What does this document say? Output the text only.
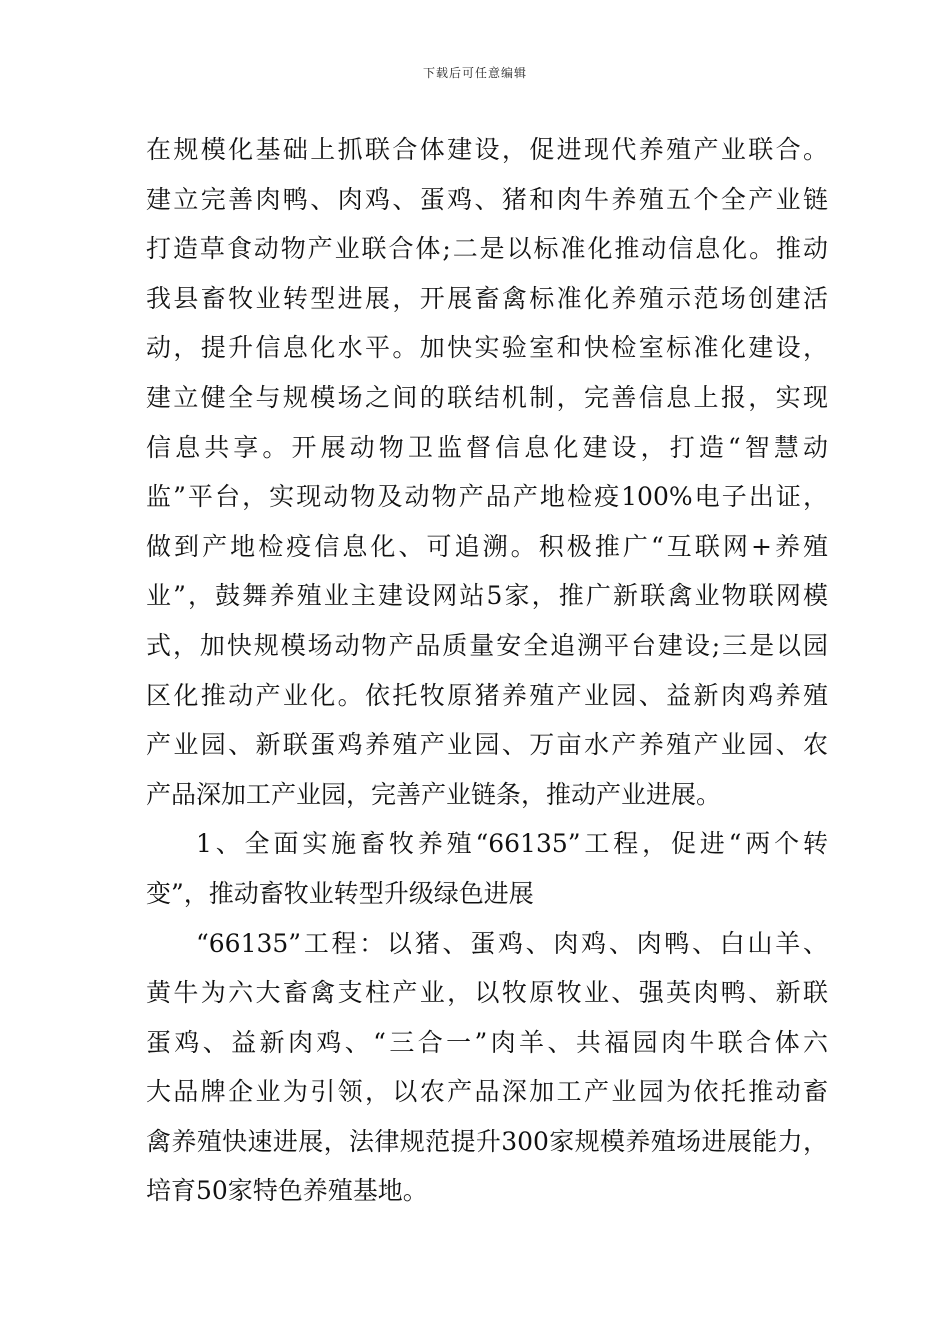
下载后可任意编辑
在规模化基础上抓联合体建设，促进现代养殖产业联合。
建立完善肉鸭、肉鸡、蛋鸡、猪和肉牛养殖五个全产业链
打造草食动物产业联合体;二是以标准化推动信息化。推动
我县畜牧业转型进展，开展畜禽标准化养殖示范场创建活
动，提升信息化水平。加快实验室和快检室标准化建设，
建立健全与规模场之间的联结机制，完善信息上报，实现
信息共享。开展动物卫监督信息化建设，打造“智慧动
监”平台，实现动物及动物产品产地检疫100%电子出证，
做到产地检疫信息化、可追溯。积极推广“互联网+养殖
业”，鼓舞养殖业主建设网站5家，推广新联禽业物联网模
式，加快规模场动物产品质量安全追溯平台建设;三是以园
区化推动产业化。依托牧原猪养殖产业园、益新肉鸡养殖
产业园、新联蛋鸡养殖产业园、万亩水产养殖产业园、农
产品深加工产业园，完善产业链条，推动产业进展。
1、全面实施畜牧养殖“66135”工程，促进“两个转
变”，推动畜牧业转型升级绿色进展
“66135”工程：以猪、蛋鸡、肉鸡、肉鸭、白山羊、
黄牛为六大畜禽支柱产业，以牧原牧业、强英肉鸭、新联
蛋鸡、益新肉鸡、“三合一”肉羊、共福园肉牛联合体六
大品牌企业为引领，以农产品深加工产业园为依托推动畜
禽养殖快速进展，法律规范提升300家规模养殖场进展能力，
培育50家特色养殖基地。
